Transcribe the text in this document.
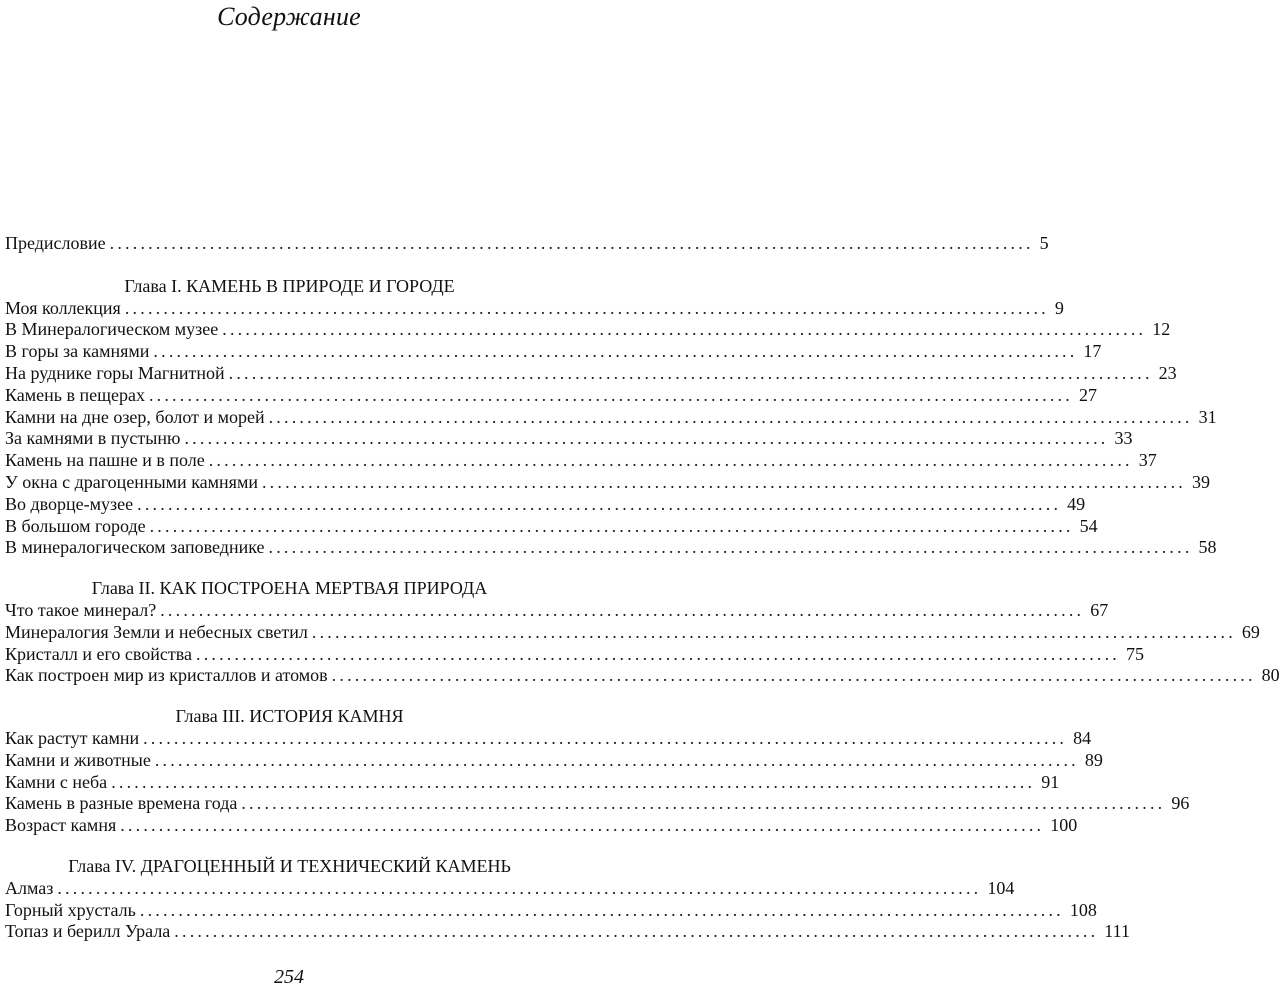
Содержание
Предисловие ........................................................................................................................ 5
Глава I. КАМЕНЬ В ПРИРОДЕ И ГОРОДЕ
Моя коллекция ........................................................................................................................ 9
В Минералогическом музее ........................................................................................................................ 12
В горы за камнями ........................................................................................................................ 17
На руднике горы Магнитной ........................................................................................................................ 23
Камень в пещерах ........................................................................................................................ 27
Камни на дне озер, болот и морей ........................................................................................................................ 31
За камнями в пустыню ........................................................................................................................ 33
Камень на пашне и в поле ........................................................................................................................ 37
У окна с драгоценными камнями ........................................................................................................................ 39
Во дворце-музее ........................................................................................................................ 49
В большом городе ........................................................................................................................ 54
В минералогическом заповеднике ........................................................................................................................ 58
Глава II. КАК ПОСТРОЕНА МЕРТВАЯ ПРИРОДА
Что такое минерал? ........................................................................................................................ 67
Минералогия Земли и небесных светил ........................................................................................................................ 69
Кристалл и его свойства ........................................................................................................................ 75
Как построен мир из кристаллов и атомов ........................................................................................................................ 80
Глава III. ИСТОРИЯ КАМНЯ
Как растут камни ........................................................................................................................ 84
Камни и животные ........................................................................................................................ 89
Камни с неба ........................................................................................................................ 91
Камень в разные времена года ........................................................................................................................ 96
Возраст камня ........................................................................................................................ 100
Глава IV. ДРАГОЦЕННЫЙ И ТЕХНИЧЕСКИЙ КАМЕНЬ
Алмаз ........................................................................................................................ 104
Горный хрусталь ........................................................................................................................ 108
Топаз и берилл Урала ........................................................................................................................ 111
254
